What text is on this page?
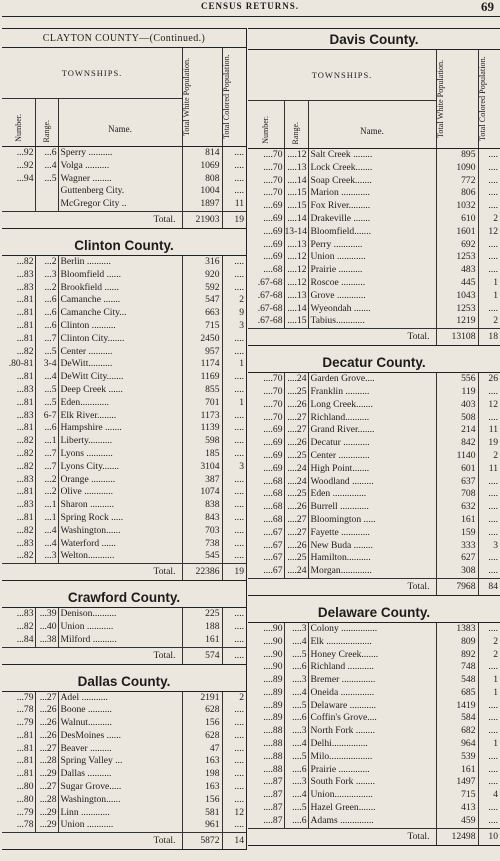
CENSUS RETURNS.	69
CLAYTON COUNTY—(Continued.)
TOWNSHIPS.
Number. Range.	Name.	Total White Population.	Total Colored Population.
...92	...6	Sperry ..........	814	....
...92	...4	Volga ..........	1069	....
...94	...5	Wagner ........	808	....
		Guttenberg City.	1004	....
		McGregor City ..	1897	11
Total.			21903	19
Clinton County.
...82	...2	Berlin ..........	316	....
...83	...3	Bloomfield ......	920	....
...83	...2	Brookfield ......	592	....
...81	...6	Camanche .......	547	2
...81	...6	Camanche City...	663	9
...81	...6	Clinton ..........	715	3
...81	...7	Clinton City.......	2450	....
...82	...5	Center ..........	957	....
.80-81	3-4	DeWitt..........	1174	1
...81	...4	DeWitt City.......	1169	....
...83	...5	Deep Creek ......	855	....
...81	...5	Eden............	701	1
...83	6-7	Elk River........	1173	....
...81	...6	Hampshire .......	1139	....
...82	...1	Liberty..........	598	....
...82	...7	Lyons ...........	185	....
...82	...7	Lyons City.......	3104	3
...83	...2	Orange ..........	387	....
...81	...2	Olive ............	1074	....
...83	...1	Sharon ..........	838	....
...81	...1	Spring Rock .....	843	....
...82	...4	Washington......	703	....
...83	...4	Waterford ......	738	....
...82	...3	Welton...........	545	....
Total.			22386	19
Crawford County.
...83	...39	Denison..........	225	....
...82	...40	Union ...........	188	....
...84	...38	Milford ..........	161	....
Total.			574	....
Dallas County.
...79	...27	Adel ...........	2191	2
...78	...26	Boone ..........	628	....
...79	...26	Walnut..........	156	....
...81	...26	DesMoines ......	628	....
...81	...27	Beaver .........	47	....
...81	...28	Spring Valley ...	163	....
...81	...29	Dallas ..........	198	....
...80	...27	Sugar Grove.....	163	....
...80	...28	Washington......	156	....
...79	...29	Linn ............	581	12
...78	...29	Union ...........	961	....
Total.			5872	14
Davis County.
TOWNSHIPS.
Number.	Range.	Name.	Total White Population.	Total Colored Population.
....70	....12	Salt Creek ........	895	....
....70	....13	Lock Creek.......	1090	....
....70	....14	Soap Creek.......	772	....
....70	....15	Marion ............	806	....
....69	....15	Fox River.........	1032	....
....69	....14	Drakeville .......	610	2
....69	13-14	Bloomfield.......	1601	12
....69	....13	Perry ............	692	....
....69	....12	Union ............	1253	....
....68	....12	Prairie ..........	483	....
.67-68	....12	Roscoe ..........	445	1
.67-68	....13	Grove ............	1043	1
.67-68	....14	Wyeondah .......	1253	....
.67-68	....15	Tabius............	1219	2
Total.			13108	18
Decatur County.
....70	....24	Garden Grove....	556	26
....70	....25	Franklin ..........	119	....
....70	....26	Long Creek.......	403	12
....70	....27	Richland..........	508	....
....69	....27	Grand River.......	214	11
....69	....26	Decatur ...........	842	19
....69	....25	Center .............	1140	2
....69	....24	High Point.......	601	11
....68	....24	Woodland .........	637	....
....68	....25	Eden ..............	708	....
....68	....26	Burrell ............	632	....
....68	....27	Bloomington .....	161	....
....67	....27	Fayette ............	159	....
....67	....26	New Buda ........	333	3
....67	....25	Hamilton..........	627	....
....67	....24	Morgan.............	308	....
Total.			7968	84
Delaware County.
....90	....3	Colony ...............	1383	....
....90	....4	Elk ...................	809	2
....90	....5	Honey Creek.......	892	2
....90	....6	Richland ...........	748	....
....89	....3	Bremer ..............	548	1
....89	....4	Oneida ..............	685	1
....89	....5	Delaware ...........	1419	....
....89	....6	Coffin's Grove....	584	....
....88	....3	North Fork ........	682	....
....88	....4	Delhi...............	964	1
....88	....5	Milo..................	539	....
....88	....6	Prairie .............	161	....
....87	....3	South Fork ........	1497	....
....87	....4	Union................	715	4
....87	....5	Hazel Green.......	413	....
....87	....6	Adams ..............	459	....
Total.			12498	10
